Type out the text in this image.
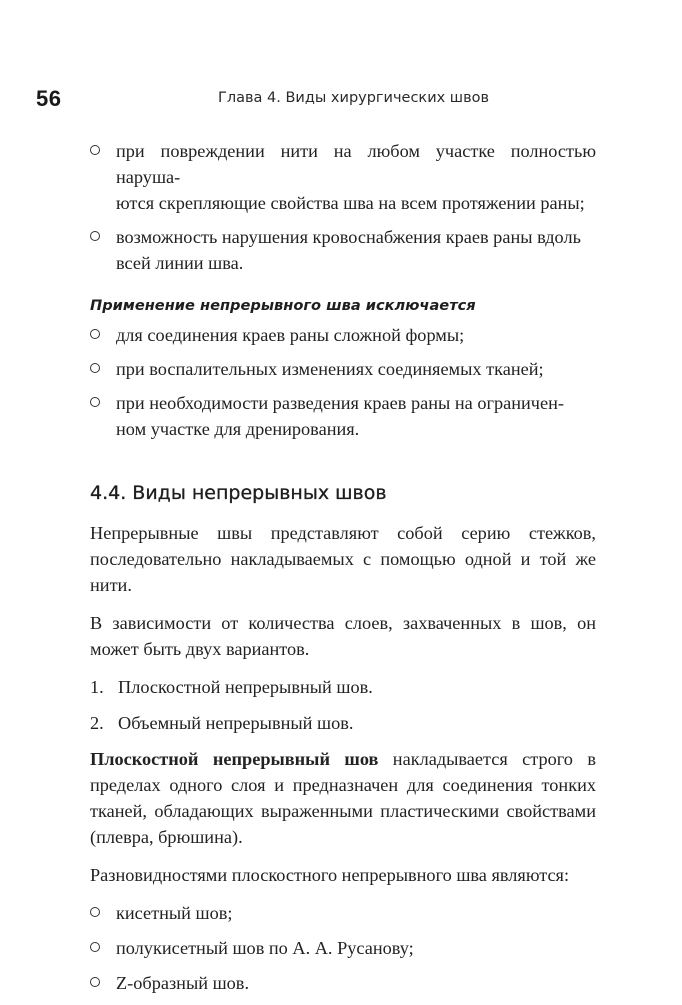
56	Глава 4. Виды хирургических швов
при повреждении нити на любом участке полностью наруша-
ются скрепляющие свойства шва на всем протяжении раны;
возможность нарушения кровоснабжения краев раны вдоль
всей линии шва.
Применение непрерывного шва исключается
для соединения краев раны сложной формы;
при воспалительных изменениях соединяемых тканей;
при необходимости разведения краев раны на ограничен-
ном участке для дренирования.
4.4. Виды непрерывных швов

Непрерывные швы представляют собой серию стежков, последовательно накладываемых с помощью одной и той же нити.

В зависимости от количества слоев, захваченных в шов, он может быть двух вариантов.

1. Плоскостной непрерывный шов.
2. Объемный непрерывный шов.

Плоскостной непрерывный шов накладывается строго в пределах одного слоя и предназначен для соединения тонких тканей, обладающих выраженными пластическими свойствами (плевра, брюшина).

Разновидностями плоскостного непрерывного шва являются:

кисетный шов;
полукисетный шов по А. А. Русанову;
Z-образный шов.
